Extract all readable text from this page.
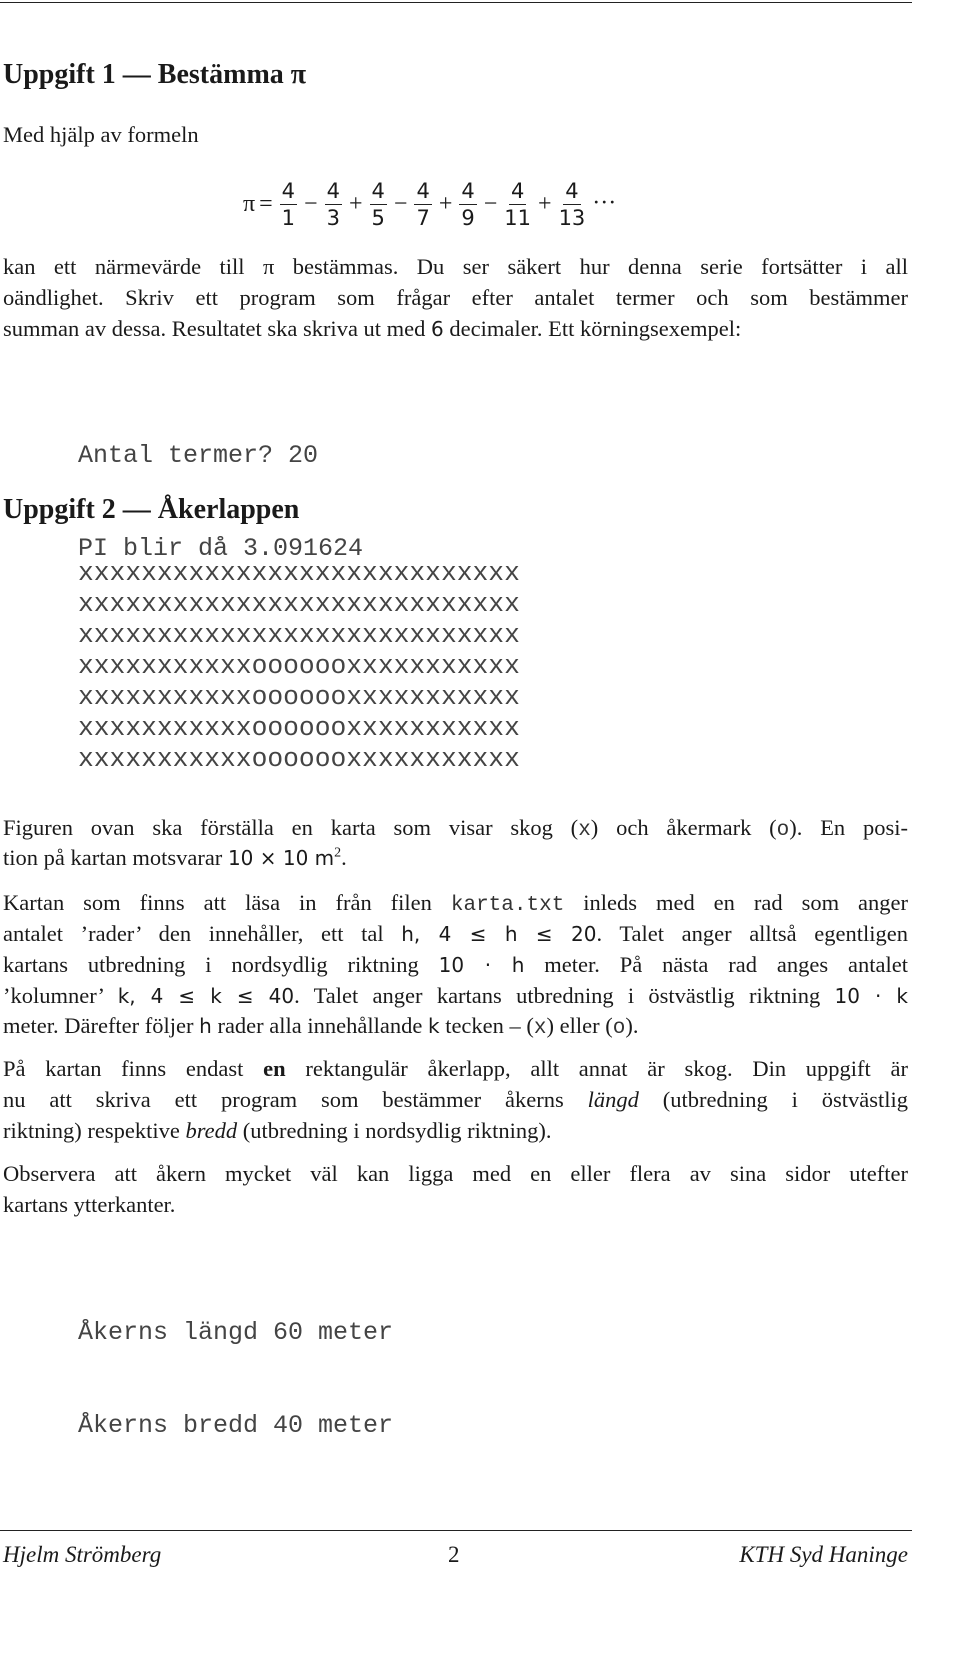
Uppgift 1 — Bestämma π
Med hjälp av formeln
$\pi = \frac{4}{1} - \frac{4}{3} + \frac{4}{5} - \frac{4}{7} + \frac{4}{9} - \frac{4}{11} + \frac{4}{13}$ ···
kan ett närmevärde till π bestämmas. Du ser säkert hur denna serie fortsätter i all
oändlighet. Skriv ett program som frågar efter antalet termer och som bestämmer
summan av dessa. Resultatet ska skriva ut med 6 decimaler. Ett körningsexempel:

Antal termer? 20

PI blir då 3.091624

Uppgift 2 — Åkerlappen
xxxxxxxxxxxxxxxxxxxxxxxxxxxx
xxxxxxxxxxxxxxxxxxxxxxxxxxxx
xxxxxxxxxxxxxxxxxxxxxxxxxxxx
xxxxxxxxxxxooooooxxxxxxxxxxx
xxxxxxxxxxxooooooxxxxxxxxxxx
xxxxxxxxxxxooooooxxxxxxxxxxx
xxxxxxxxxxxooooooxxxxxxxxxxx
Figuren ovan ska förställa en karta som visar skog (x) och åkermark (o). En posi-
tion på kartan motsvarar 10 × 10 $m^2$.
Kartan som finns att läsa in från filen karta.txt inleds med en rad som anger
antalet ’rader’ den innehåller, ett tal h, 4 ≤ h ≤ 20. Talet anger alltså egentligen
kartans utbredning i nordsydlig riktning 10 · h meter. På nästa rad anges antalet
’kolumner’ k, 4 ≤ k ≤ 40. Talet anger kartans utbredning i östvästlig riktning 10 · k
meter. Därefter följer h rader alla innehållande k tecken – (x) eller (o).
På kartan finns endast en rektangulär åkerlapp, allt annat är skog. Din uppgift är
nu att skriva ett program som bestämmer åkerns längd (utbredning i östvästlig
riktning) respektive bredd (utbredning i nordsydlig riktning).
Observera att åkern mycket väl kan ligga med en eller flera av sina sidor utefter
kartans ytterkanter.

Åkerns längd 60 meter

Åkerns bredd 40 meter

Hjelm Strömberg	2	KTH Syd Haninge
